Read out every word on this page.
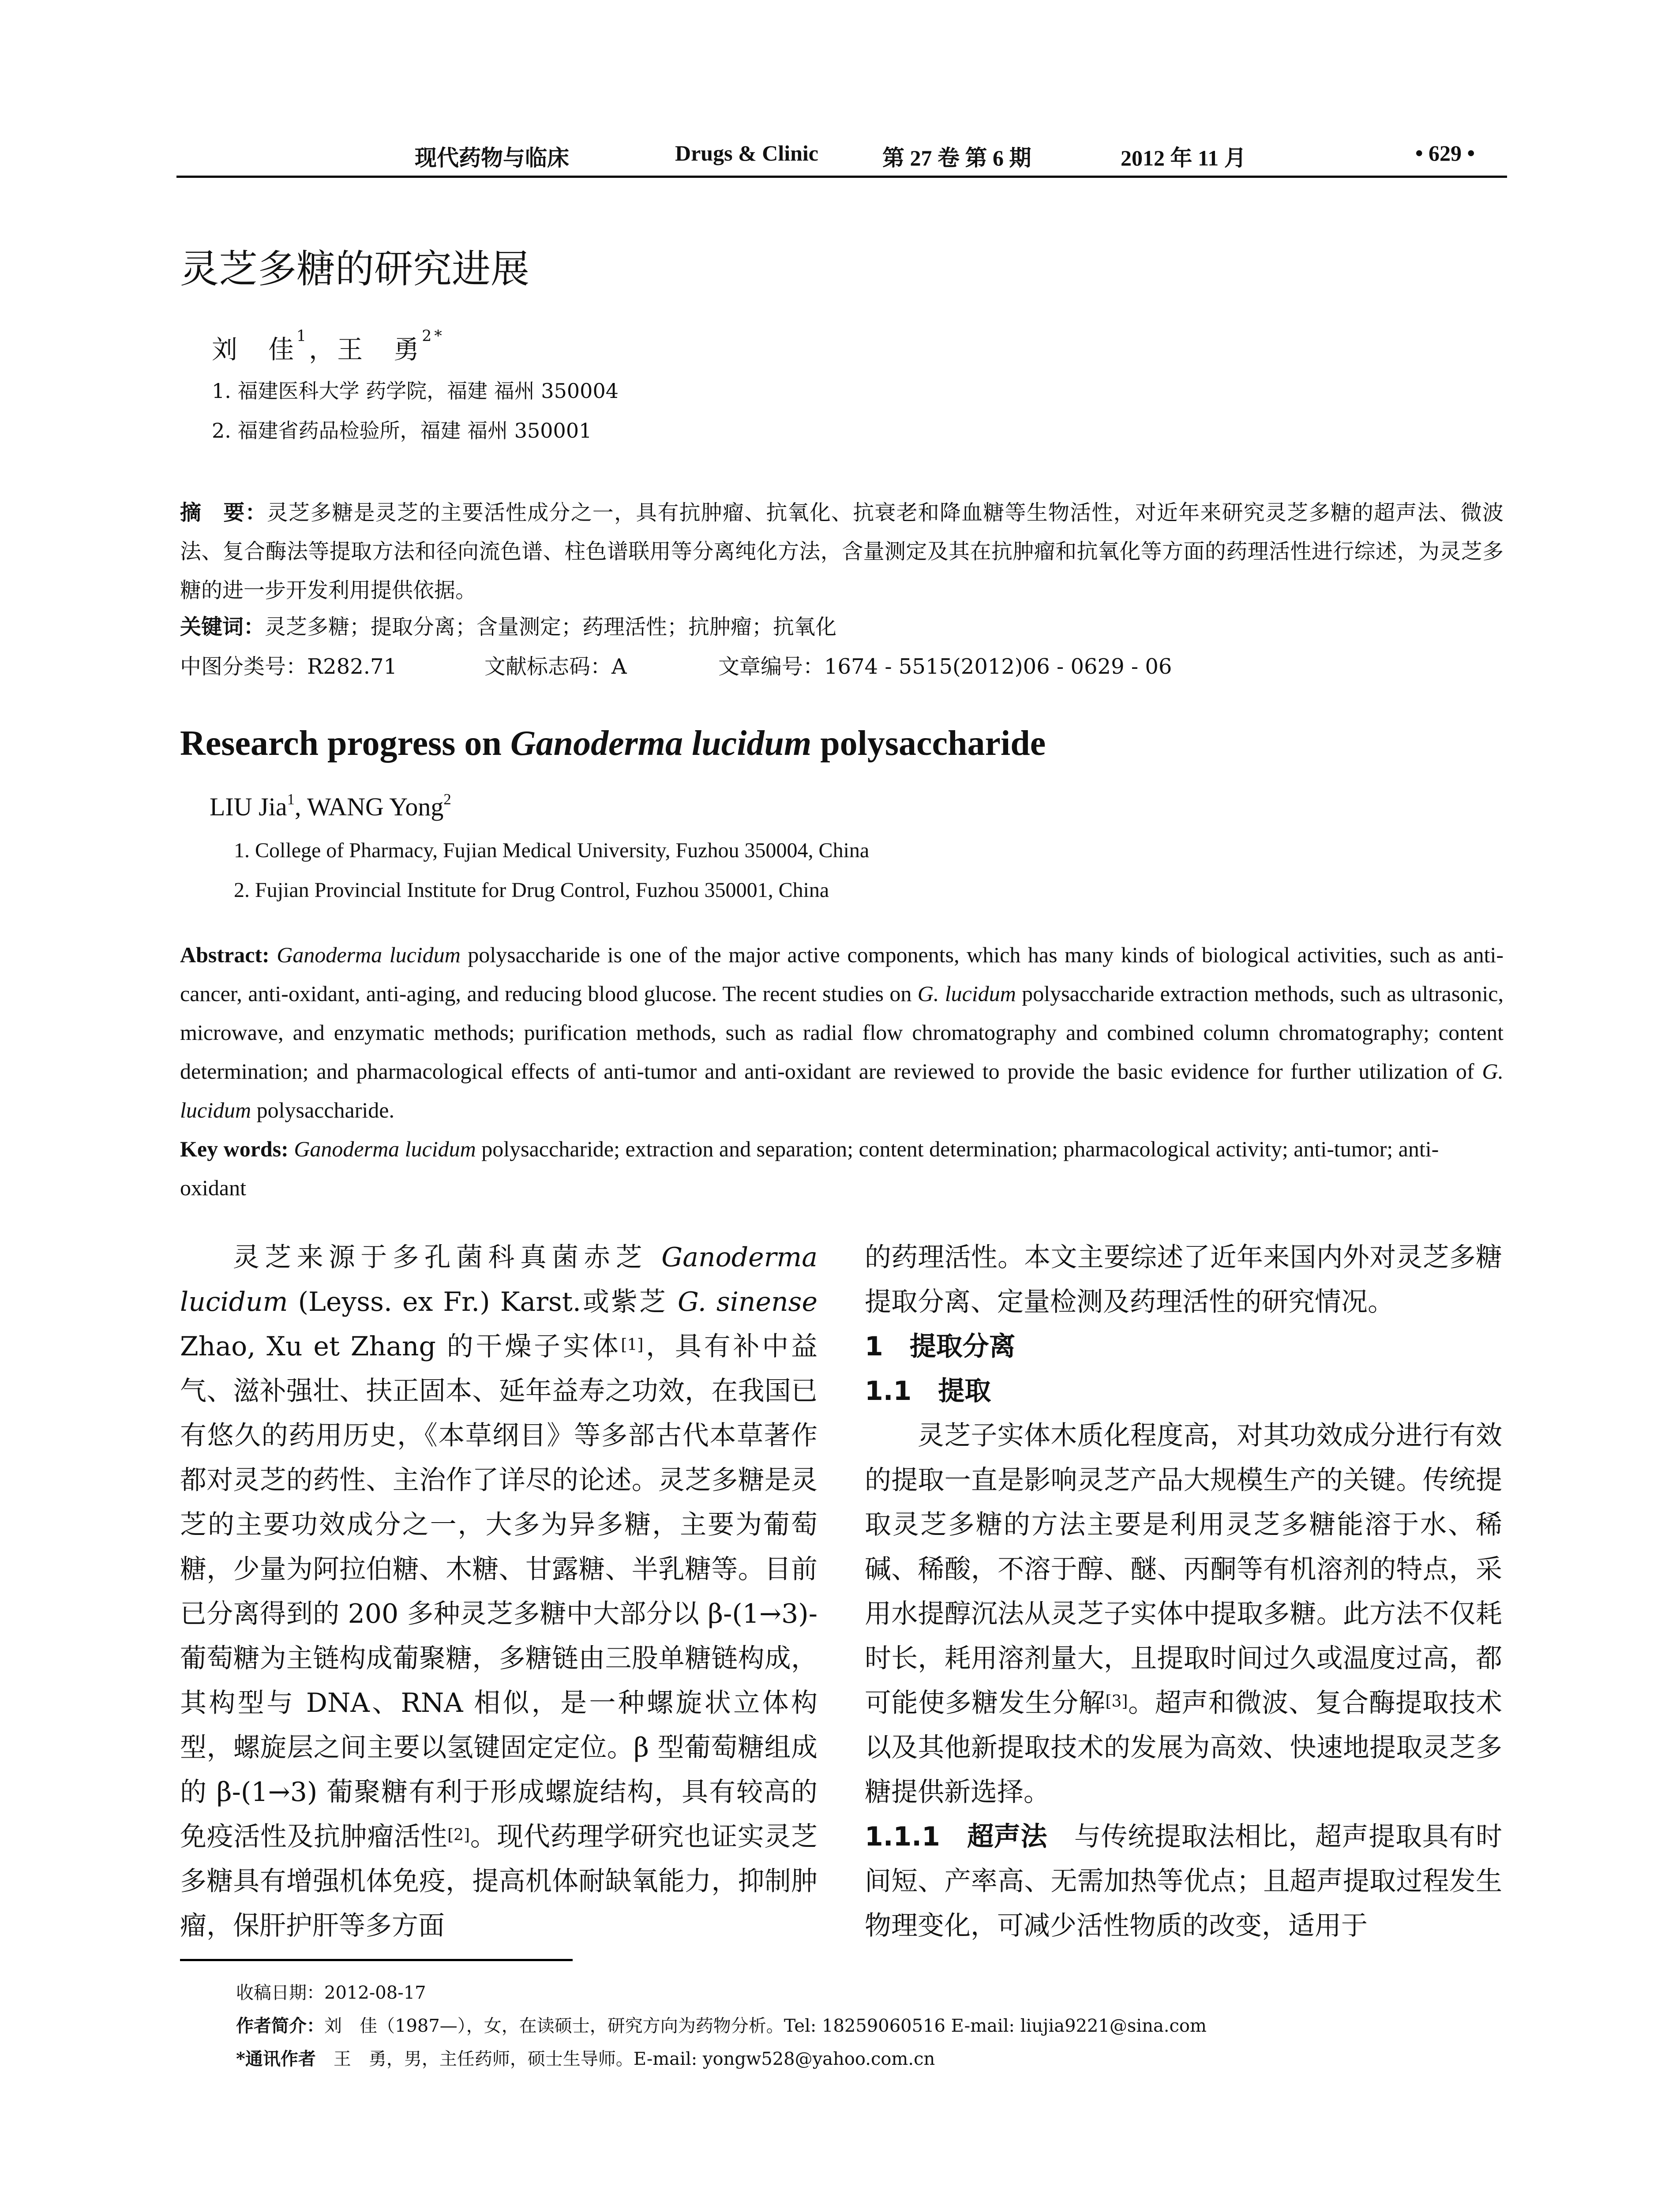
现代药物与临床	Drugs & Clinic	第 27 卷 第 6 期	2012 年 11 月	• 629 •
灵芝多糖的研究进展
刘　佳$^1$，王　勇$^{2*}$
1. 福建医科大学 药学院，福建 福州 350004
2. 福建省药品检验所，福建 福州 350001
摘　要：灵芝多糖是灵芝的主要活性成分之一，具有抗肿瘤、抗氧化、抗衰老和降血糖等生物活性，对近年来研究灵芝多糖的超声法、微波法、复合酶法等提取方法和径向流色谱、柱色谱联用等分离纯化方法，含量测定及其在抗肿瘤和抗氧化等方面的药理活性进行综述，为灵芝多糖的进一步开发利用提供依据。
关键词：灵芝多糖；提取分离；含量测定；药理活性；抗肿瘤；抗氧化
中图分类号：R282.71	文献标志码：A	文章编号：1674 - 5515(2012)06 - 0629 - 06
Research progress on Ganoderma lucidum polysaccharide
LIU Jia$^1$, WANG Yong$^2$
1. College of Pharmacy, Fujian Medical University, Fuzhou 350004, China
2. Fujian Provincial Institute for Drug Control, Fuzhou 350001, China
Abstract: Ganoderma lucidum polysaccharide is one of the major active components, which has many kinds of biological activities, such as anti-cancer, anti-oxidant, anti-aging, and reducing blood glucose. The recent studies on G. lucidum polysaccharide extraction methods, such as ultrasonic, microwave, and enzymatic methods; purification methods, such as radial flow chromatography and combined column chromatography; content determination; and pharmacological effects of anti-tumor and anti-oxidant are reviewed to provide the basic evidence for further utilization of G. lucidum polysaccharide.
Key words: Ganoderma lucidum polysaccharide; extraction and separation; content determination; pharmacological activity; anti-tumor; anti-oxidant

灵芝来源于多孔菌科真菌赤芝 Ganoderma lucidum (Leyss. ex Fr.) Karst.或紫芝 G. sinense Zhao, Xu et Zhang 的干燥子实体[1]，具有补中益气、滋补强壮、扶正固本、延年益寿之功效，在我国已有悠久的药用历史，《本草纲目》等多部古代本草著作都对灵芝的药性、主治作了详尽的论述。灵芝多糖是灵芝的主要功效成分之一，大多为异多糖，主要为葡萄糖，少量为阿拉伯糖、木糖、甘露糖、半乳糖等。目前已分离得到的 200 多种灵芝多糖中大部分以 β-(1→3)-葡萄糖为主链构成葡聚糖，多糖链由三股单糖链构成，其构型与 DNA、RNA 相似，是一种螺旋状立体构型，螺旋层之间主要以氢键固定定位。β 型葡萄糖组成的 β-(1→3) 葡聚糖有利于形成螺旋结构，具有较高的免疫活性及抗肿瘤活性[2]。现代药理学研究也证实灵芝多糖具有增强机体免疫，提高机体耐缺氧能力，抑制肿瘤，保肝护肝等多方面

的药理活性。本文主要综述了近年来国内外对灵芝多糖提取分离、定量检测及药理活性的研究情况。

1　提取分离

1.1　提取

灵芝子实体木质化程度高，对其功效成分进行有效的提取一直是影响灵芝产品大规模生产的关键。传统提取灵芝多糖的方法主要是利用灵芝多糖能溶于水、稀碱、稀酸，不溶于醇、醚、丙酮等有机溶剂的特点，采用水提醇沉法从灵芝子实体中提取多糖。此方法不仅耗时长，耗用溶剂量大，且提取时间过久或温度过高，都可能使多糖发生分解[3]。超声和微波、复合酶提取技术以及其他新提取技术的发展为高效、快速地提取灵芝多糖提供新选择。

1.1.1　超声法　与传统提取法相比，超声提取具有时间短、产率高、无需加热等优点；且超声提取过程发生物理变化，可减少活性物质的改变，适用于

收稿日期：2012-08-17
作者简介：刘　佳（1987—），女，在读硕士，研究方向为药物分析。Tel: 18259060516 E-mail: liujia9221@sina.com
*通讯作者　王　勇，男，主任药师，硕士生导师。E-mail: yongw528@yahoo.com.cn
